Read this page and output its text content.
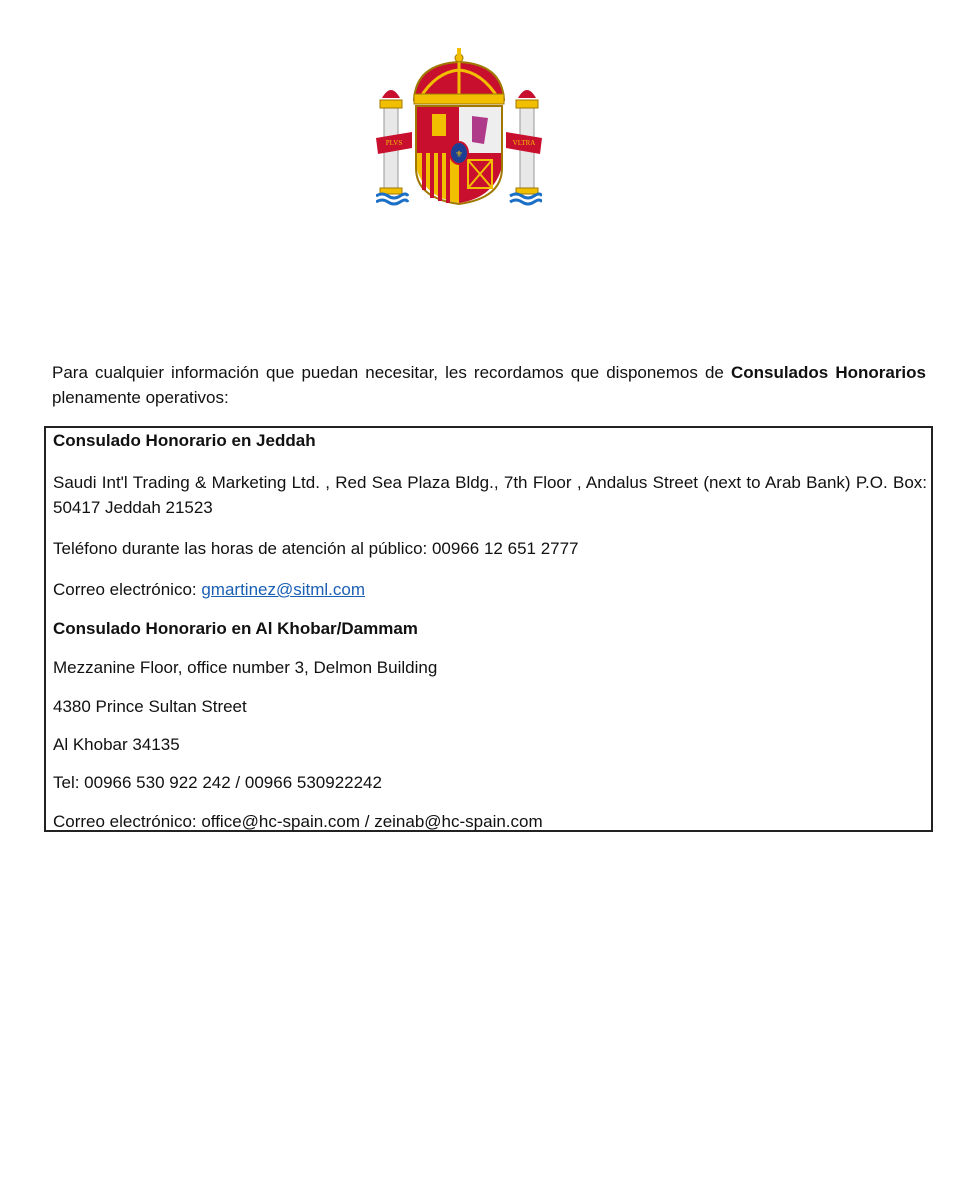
PLVS	VLTRA
⚜

Para cualquier información que puedan necesitar, les recordamos que disponemos de Consulados Honorarios plenamente operativos:

Consulado Honorario en Jeddah

Saudi Int'l Trading & Marketing Ltd. , Red Sea Plaza Bldg., 7th Floor , Andalus Street (next to Arab Bank) P.O. Box: 50417 Jeddah 21523

Teléfono durante las horas de atención al público: 00966 12 651 2777

Correo electrónico: gmartinez@sitml.com

Consulado Honorario en Al Khobar/Dammam

Mezzanine Floor, office number 3, Delmon Building

4380 Prince Sultan Street

Al Khobar 34135

Tel: 00966 530 922 242 / 00966 530922242

Correo electrónico: office@hc-spain.com / zeinab@hc-spain.com
